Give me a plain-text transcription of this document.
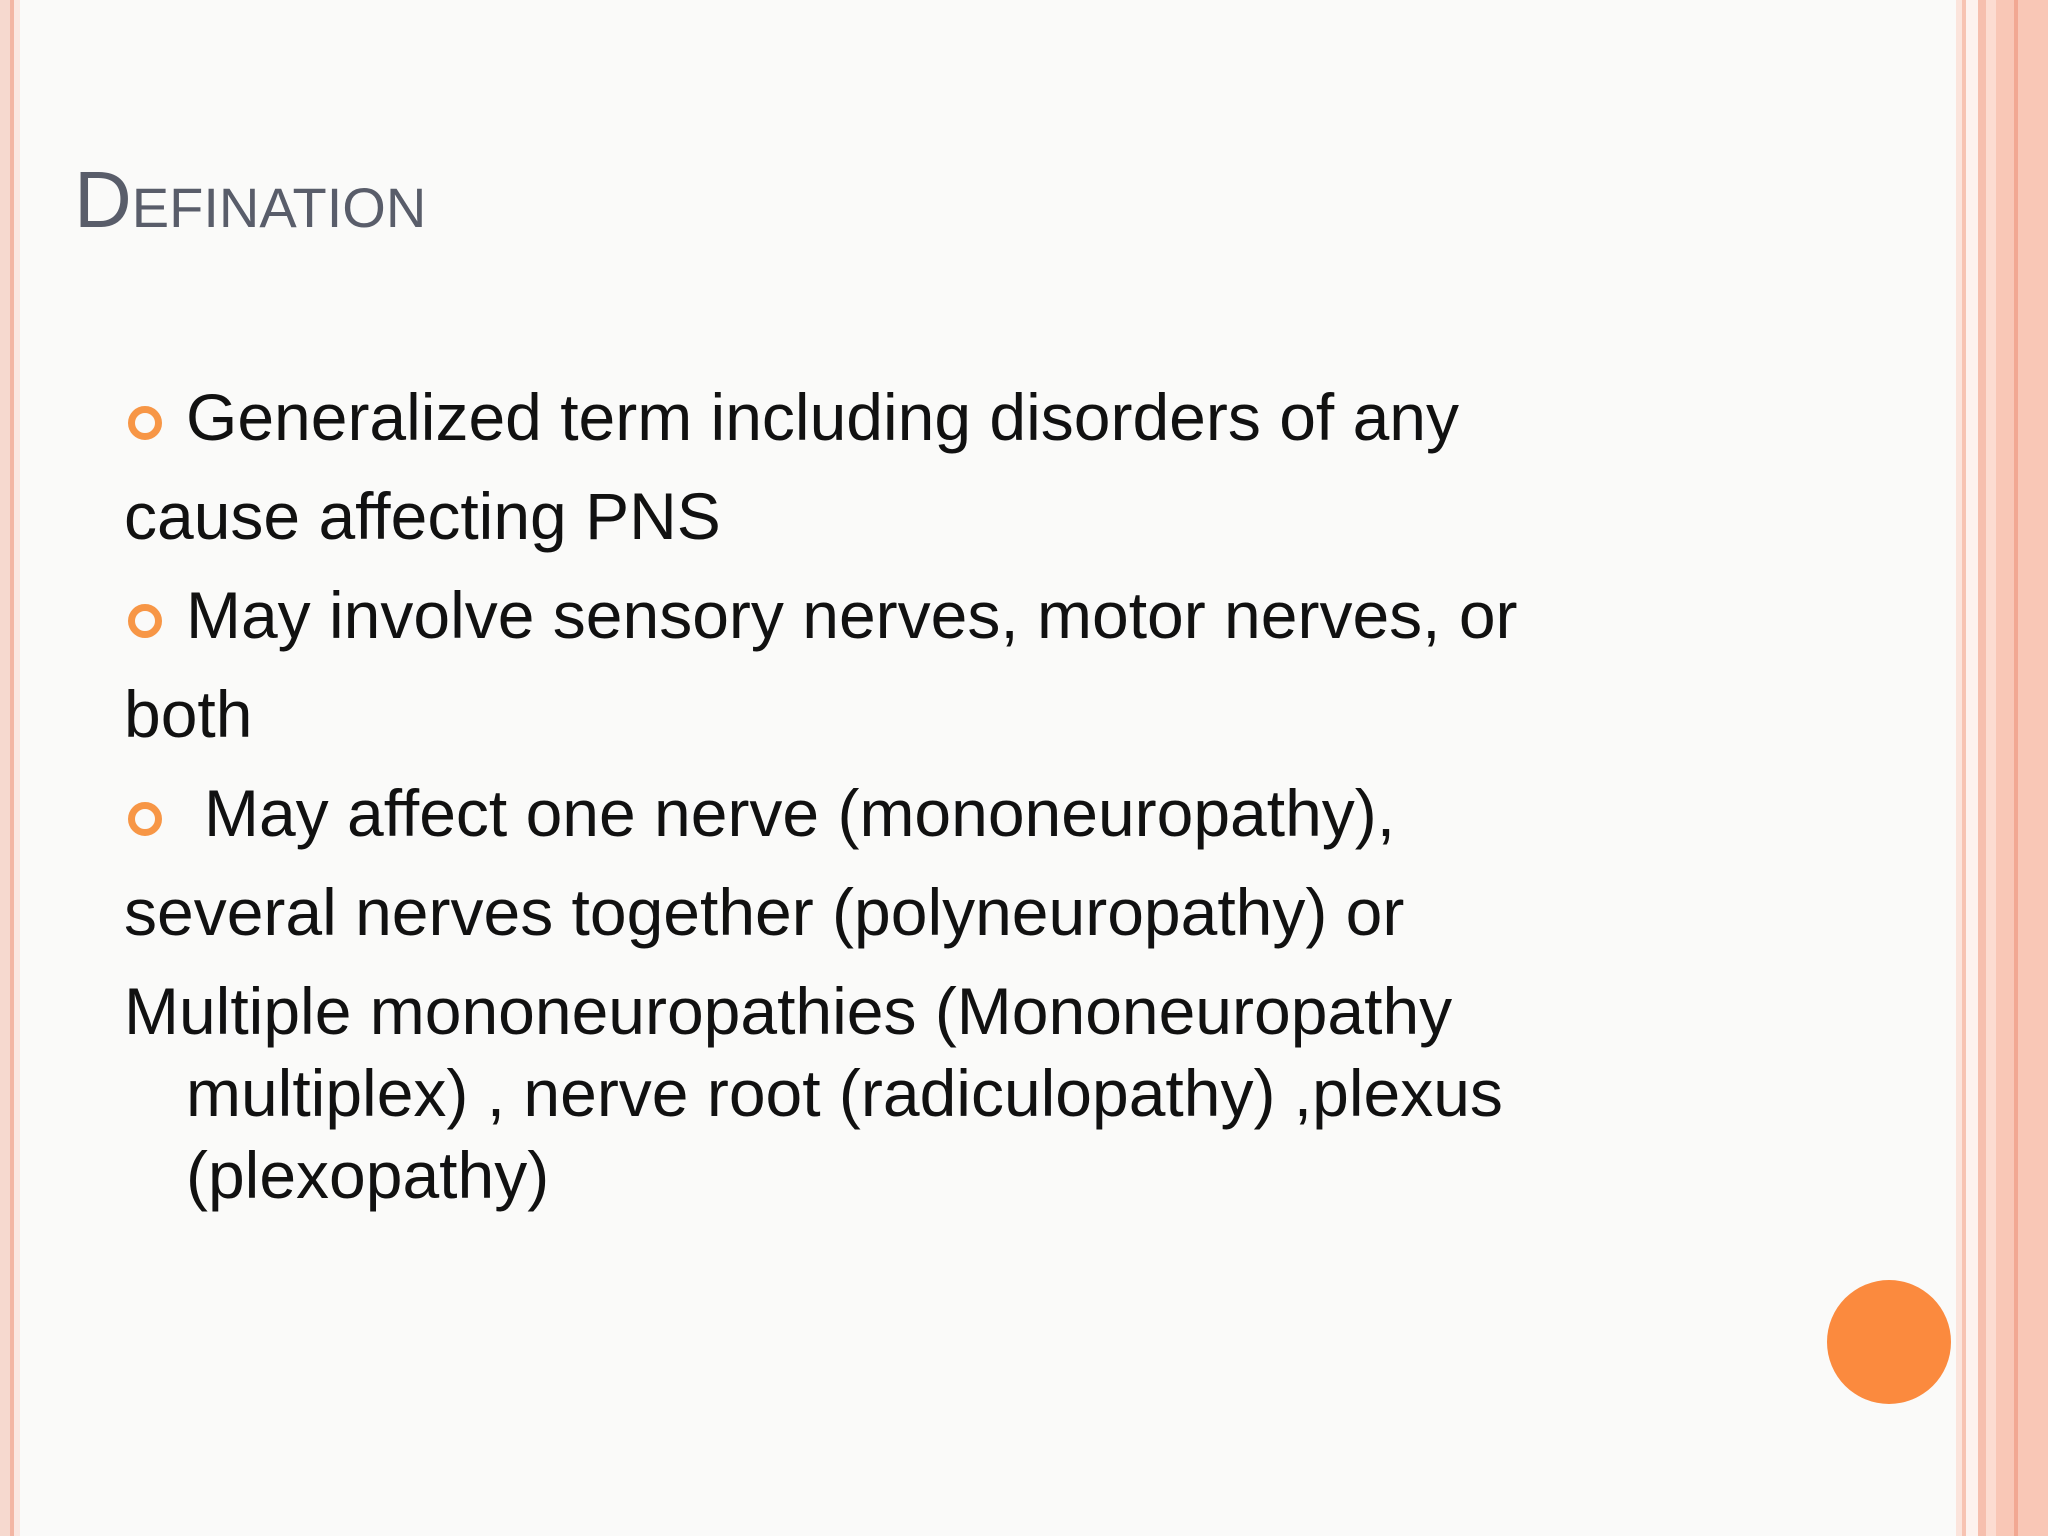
Defination
Generalized term including disorders of any
cause affecting PNS
May involve sensory nerves, motor nerves, or
both
May affect one nerve (mononeuropathy),
several nerves together (polyneuropathy) or
Multiple mononeuropathies (Mononeuropathy
multiplex) , nerve root (radiculopathy) ,plexus
(plexopathy)
